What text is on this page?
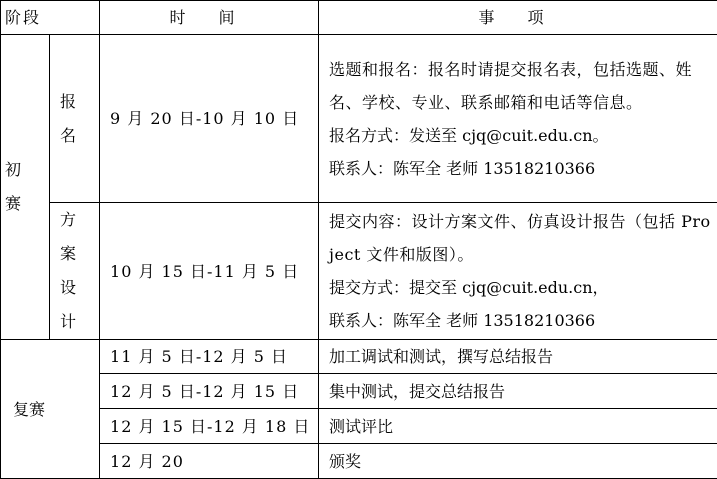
阶段		时 间	事 项

初赛	报名	9 月 20 日-10 月 10 日	选题和报名：报名时请提交报名表，包括选题、姓名、学校、专业、联系邮箱和电话等信息。
报名方式：发送至 cjq@cuit.edu.cn。
联系人：陈军全 老师 13518210366

	方案设计	10 月 15 日-11 月 5 日	提交内容：设计方案文件、仿真设计报告（包括 Project 文件和版图）。
提交方式：提交至 cjq@cuit.edu.cn，
联系人：陈军全 老师 13518210366

复赛		11 月 5 日-12 月 5 日	加工调试和测试，撰写总结报告
		12 月 5 日-12 月 15 日	集中测试，提交总结报告
		12 月 15 日-12 月 18 日	测试评比
		12 月 20	颁奖
